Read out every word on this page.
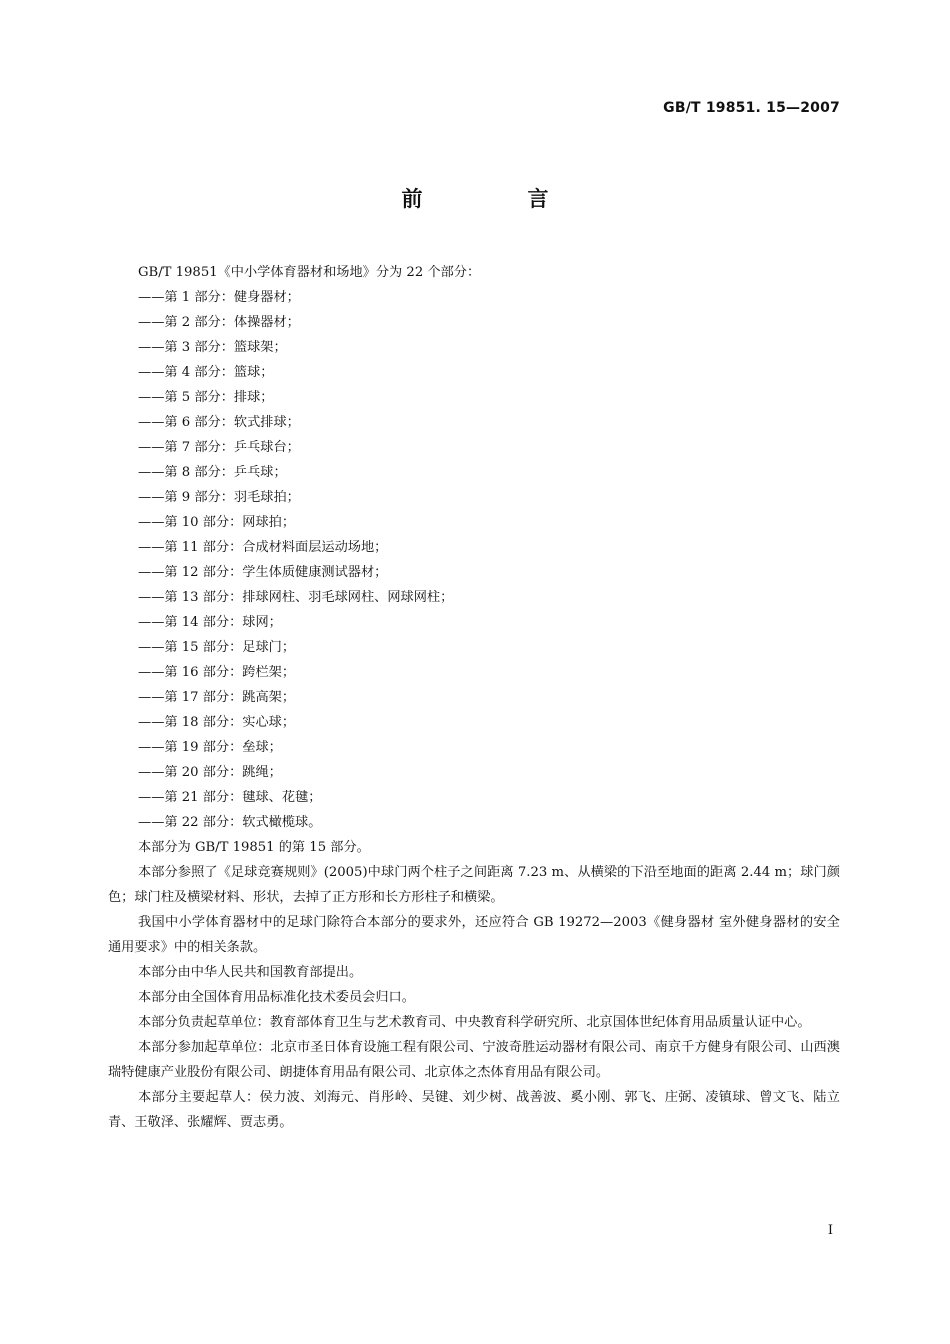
GB/T 19851. 15—2007
前　言

GB/T 19851《中小学体育器材和场地》分为 22 个部分：

——第 1 部分：健身器材；

——第 2 部分：体操器材；

——第 3 部分：篮球架；

——第 4 部分：篮球；

——第 5 部分：排球；

——第 6 部分：软式排球；

——第 7 部分：乒乓球台；

——第 8 部分：乒乓球；

——第 9 部分：羽毛球拍；

——第 10 部分：网球拍；

——第 11 部分：合成材料面层运动场地；

——第 12 部分：学生体质健康测试器材；

——第 13 部分：排球网柱、羽毛球网柱、网球网柱；

——第 14 部分：球网；

——第 15 部分：足球门；

——第 16 部分：跨栏架；

——第 17 部分：跳高架；

——第 18 部分：实心球；

——第 19 部分：垒球；

——第 20 部分：跳绳；

——第 21 部分：毽球、花毽；

——第 22 部分：软式橄榄球。

本部分为 GB/T 19851 的第 15 部分。

本部分参照了《足球竞赛规则》(2005)中球门两个柱子之间距离 7.23 m、从横梁的下沿至地面的距离 2.44 m；球门颜色；球门柱及横梁材料、形状，去掉了正方形和长方形柱子和横梁。

我国中小学体育器材中的足球门除符合本部分的要求外，还应符合 GB 19272—2003《健身器材 室外健身器材的安全　通用要求》中的相关条款。

本部分由中华人民共和国教育部提出。

本部分由全国体育用品标准化技术委员会归口。

本部分负责起草单位：教育部体育卫生与艺术教育司、中央教育科学研究所、北京国体世纪体育用品质量认证中心。

本部分参加起草单位：北京市圣日体育设施工程有限公司、宁波奇胜运动器材有限公司、南京千方健身有限公司、山西澳瑞特健康产业股份有限公司、朗捷体育用品有限公司、北京体之杰体育用品有限公司。

本部分主要起草人：侯力波、刘海元、肖彤岭、吴键、刘少树、战善波、奚小刚、郭飞、庄弼、凌镇球、曾文飞、陆立青、王敬泽、张耀辉、贾志勇。

I
